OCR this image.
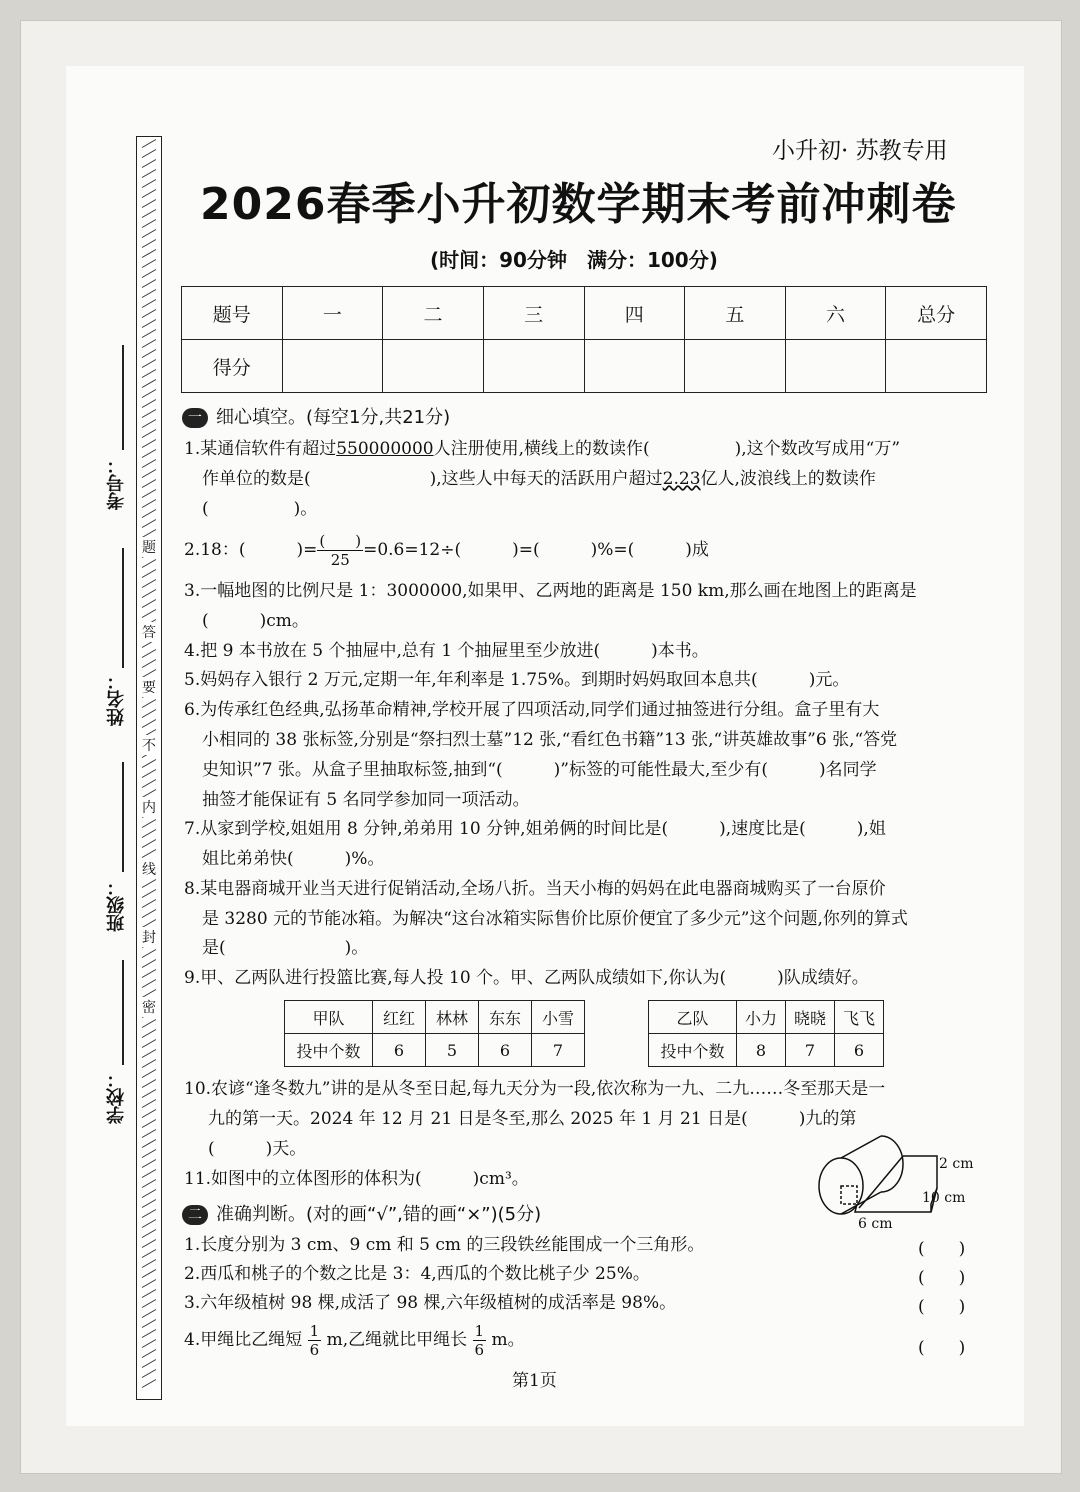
题
答
要
不
内
线
封
密
考号：
姓名：
班级：
学校：
小升初· 苏教专用
2026春季小升初数学期末考前冲刺卷
(时间：90分钟　满分：100分)
题号	一	二	三	四	五	六	总分
得分							
一 细心填空。(每空1分,共21分)
1.某通信软件有超过550000000人注册使用,横线上的数读作(　　　　　),这个数改写成用“万”
作单位的数是(　　　　　　　),这些人中每天的活跃用户超过2.23亿人,波浪线上的数读作
(　　　　　)。
2.18：(　　　)= $\frac{( )}{25} =0.6=12\div$(　　　)=(　　　)%=(　　　)成
3.一幅地图的比例尺是 1：3000000,如果甲、乙两地的距离是 150 km,那么画在地图上的距离是
(　　　)cm。
4.把 9 本书放在 5 个抽屉中,总有 1 个抽屉里至少放进(　　　)本书。
5.妈妈存入银行 2 万元,定期一年,年利率是 1.75%。到期时妈妈取回本息共(　　　)元。
6.为传承红色经典,弘扬革命精神,学校开展了四项活动,同学们通过抽签进行分组。盒子里有大
小相同的 38 张标签,分别是“祭扫烈士墓”12 张,“看红色书籍”13 张,“讲英雄故事”6 张,“答党
史知识”7 张。从盒子里抽取标签,抽到“(　　　)”标签的可能性最大,至少有(　　　)名同学
抽签才能保证有 5 名同学参加同一项活动。
7.从家到学校,姐姐用 8 分钟,弟弟用 10 分钟,姐弟俩的时间比是(　　　),速度比是(　　　),姐
姐比弟弟快(　　　)%。
8.某电器商城开业当天进行促销活动,全场八折。当天小梅的妈妈在此电器商城购买了一台原价
是 3280 元的节能冰箱。为解决“这台冰箱实际售价比原价便宜了多少元”这个问题,你列的算式
是(　　　　　　　)。
9.甲、乙两队进行投篮比赛,每人投 10 个。甲、乙两队成绩如下,你认为(　　　)队成绩好。
甲队	红红	林林	东东	小雪
投中个数	6	5	6	7
乙队	小力	晓晓	飞飞
投中个数	8	7	6
10.农谚“逢冬数九”讲的是从冬至日起,每九天分为一段,依次称为一九、二九……冬至那天是一
九的第一天。2024 年 12 月 21 日是冬至,那么 2025 年 1 月 21 日是(　　　)九的第
(　　　)天。
11.如图中的立体图形的体积为(　　　)cm³。
2 cm
10 cm
6 cm
二 准确判断。(对的画“√”,错的画“×”)(5分)
1.长度分别为 3 cm、9 cm 和 5 cm 的三段铁丝能围成一个三角形。	(　　)
2.西瓜和桃子的个数之比是 3：4,西瓜的个数比桃子少 25%。	(　　)
3.六年级植树 98 棵,成活了 98 棵,六年级植树的成活率是 98%。	(　　)
4.甲绳比乙绳短 $\frac{1}{6} m$,乙绳就比甲绳长 $\frac{1}{6}$ m。	(　　)
第1页
